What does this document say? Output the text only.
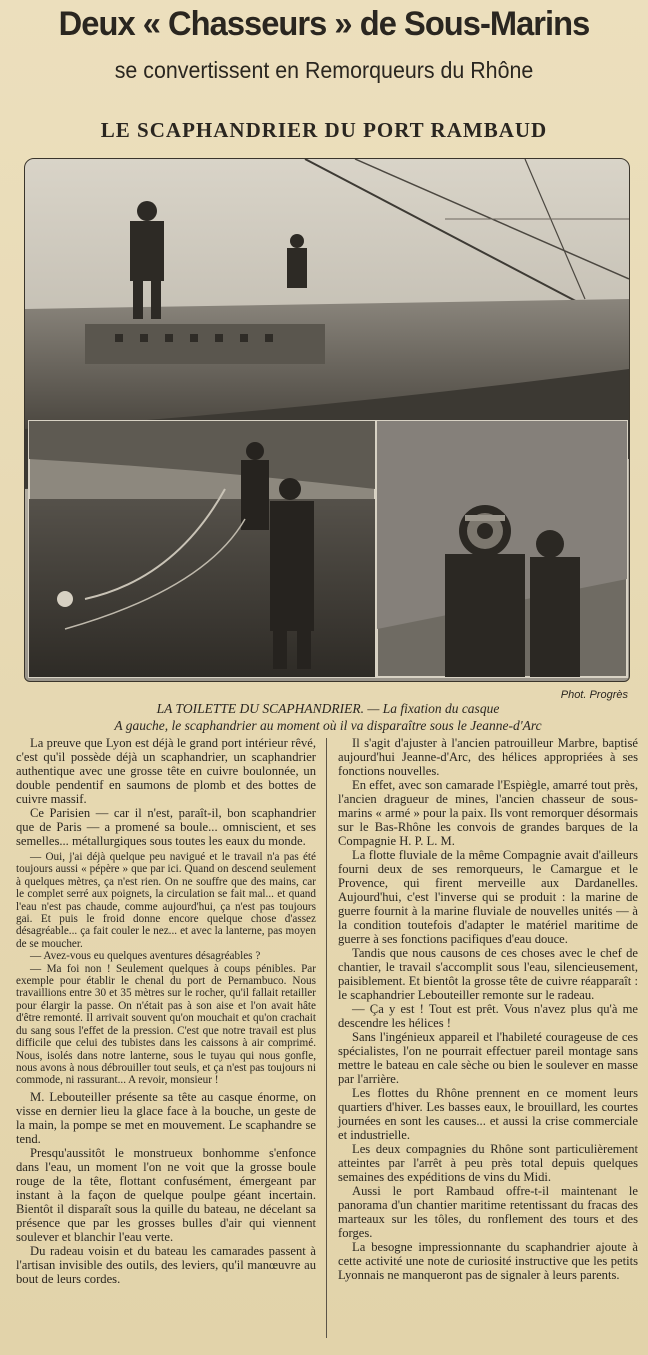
Deux « Chasseurs » de Sous-Marins
se convertissent en Remorqueurs du Rhône
LE SCAPHANDRIER DU PORT RAMBAUD
Phot. Progrès
LA TOILETTE DU SCAPHANDRIER. — La fixation du casque
A gauche, le scaphandrier au moment où il va disparaître sous le Jeanne-d'Arc

La preuve que Lyon est déjà le grand port intérieur rêvé, c'est qu'il possède déjà un scaphandrier, un scaphandrier authentique avec une grosse tête en cuivre boulonnée, un double pendentif en saumons de plomb et des bottes de cuivre massif.

Ce Parisien — car il n'est, paraît-il, bon scaphandrier que de Paris — a promené sa boule... omniscient, et ses semelles... métallurgiques sous toutes les eaux du monde.

— Oui, j'ai déjà quelque peu navigué et le travail n'a pas été toujours aussi « pépère » que par ici. Quand on descend seulement à quelques mètres, ça n'est rien. On ne souffre que des mains, car le complet serré aux poignets, la circulation se fait mal... et quand l'eau n'est pas chaude, comme aujourd'hui, ça n'est pas toujours gai. Et puis le froid donne encore quelque chose d'assez désagréable... ça fait couler le nez... et avec la lanterne, pas moyen de se moucher.

— Avez-vous eu quelques aventures désagréables ?

— Ma foi non ! Seulement quelques à coups pénibles. Par exemple pour établir le chenal du port de Pernambuco. Nous travaillions entre 30 et 35 mètres sur le rocher, qu'il fallait retailler pour élargir la passe. On n'était pas à son aise et l'on avait hâte d'être remonté. Il arrivait souvent qu'on mouchait et qu'on crachait du sang sous l'effet de la pression. C'est que notre travail est plus difficile que celui des tubistes dans les caissons à air comprimé. Nous, isolés dans notre lanterne, sous le tuyau qui nous gonfle, nous avons à nous débrouiller tout seuls, et ça n'est pas toujours ni commode, ni rassurant... A revoir, monsieur !

M. Lebouteiller présente sa tête au casque énorme, on visse en dernier lieu la glace face à la bouche, un geste de la main, la pompe se met en mouvement. Le scaphandre se tend.

Presqu'aussitôt le monstrueux bonhomme s'enfonce dans l'eau, un moment l'on ne voit que la grosse boule rouge de la tête, flottant confusément, émergeant par instant à la façon de quelque poulpe géant incertain. Bientôt il disparaît sous la quille du bateau, ne décelant sa présence que par les grosses bulles d'air qui viennent soulever et blanchir l'eau verte.

Du radeau voisin et du bateau les camarades passent à l'artisan invisible des outils, des leviers, qu'il manœuvre au bout de leurs cordes.

Il s'agit d'ajuster à l'ancien patrouilleur Marbre, baptisé aujourd'hui Jeanne-d'Arc, des hélices appropriées à ses fonctions nouvelles.

En effet, avec son camarade l'Espiègle, amarré tout près, l'ancien dragueur de mines, l'ancien chasseur de sous-marins « armé » pour la paix. Ils vont remorquer désormais sur le Bas-Rhône les convois de grandes barques de la Compagnie H. P. L. M.

La flotte fluviale de la même Compagnie avait d'ailleurs fourni deux de ses remorqueurs, le Camargue et le Provence, qui firent merveille aux Dardanelles. Aujourd'hui, c'est l'inverse qui se produit : la marine de guerre fournit à la marine fluviale de nouvelles unités — à la condition toutefois d'adapter le matériel maritime de guerre à ses fonctions pacifiques d'eau douce.

Tandis que nous causons de ces choses avec le chef de chantier, le travail s'accomplit sous l'eau, silencieusement, paisiblement. Et bientôt la grosse tête de cuivre réapparaît : le scaphandrier Lebouteiller remonte sur le radeau.

— Ça y est ! Tout est prêt. Vous n'avez plus qu'à me descendre les hélices !

Sans l'ingénieux appareil et l'habileté courageuse de ces spécialistes, l'on ne pourrait effectuer pareil montage sans mettre le bateau en cale sèche ou bien le soulever en masse par l'arrière.

Les flottes du Rhône prennent en ce moment leurs quartiers d'hiver. Les basses eaux, le brouillard, les courtes journées en sont les causes... et aussi la crise commerciale et industrielle.

Les deux compagnies du Rhône sont particulièrement atteintes par l'arrêt à peu près total depuis quelques semaines des expéditions de vins du Midi.

Aussi le port Rambaud offre-t-il maintenant le panorama d'un chantier maritime retentissant du fracas des marteaux sur les tôles, du ronflement des tours et des forges.

La besogne impressionnante du scaphandrier ajoute à cette activité une note de curiosité instructive que les petits Lyonnais ne manqueront pas de signaler à leurs parents.
